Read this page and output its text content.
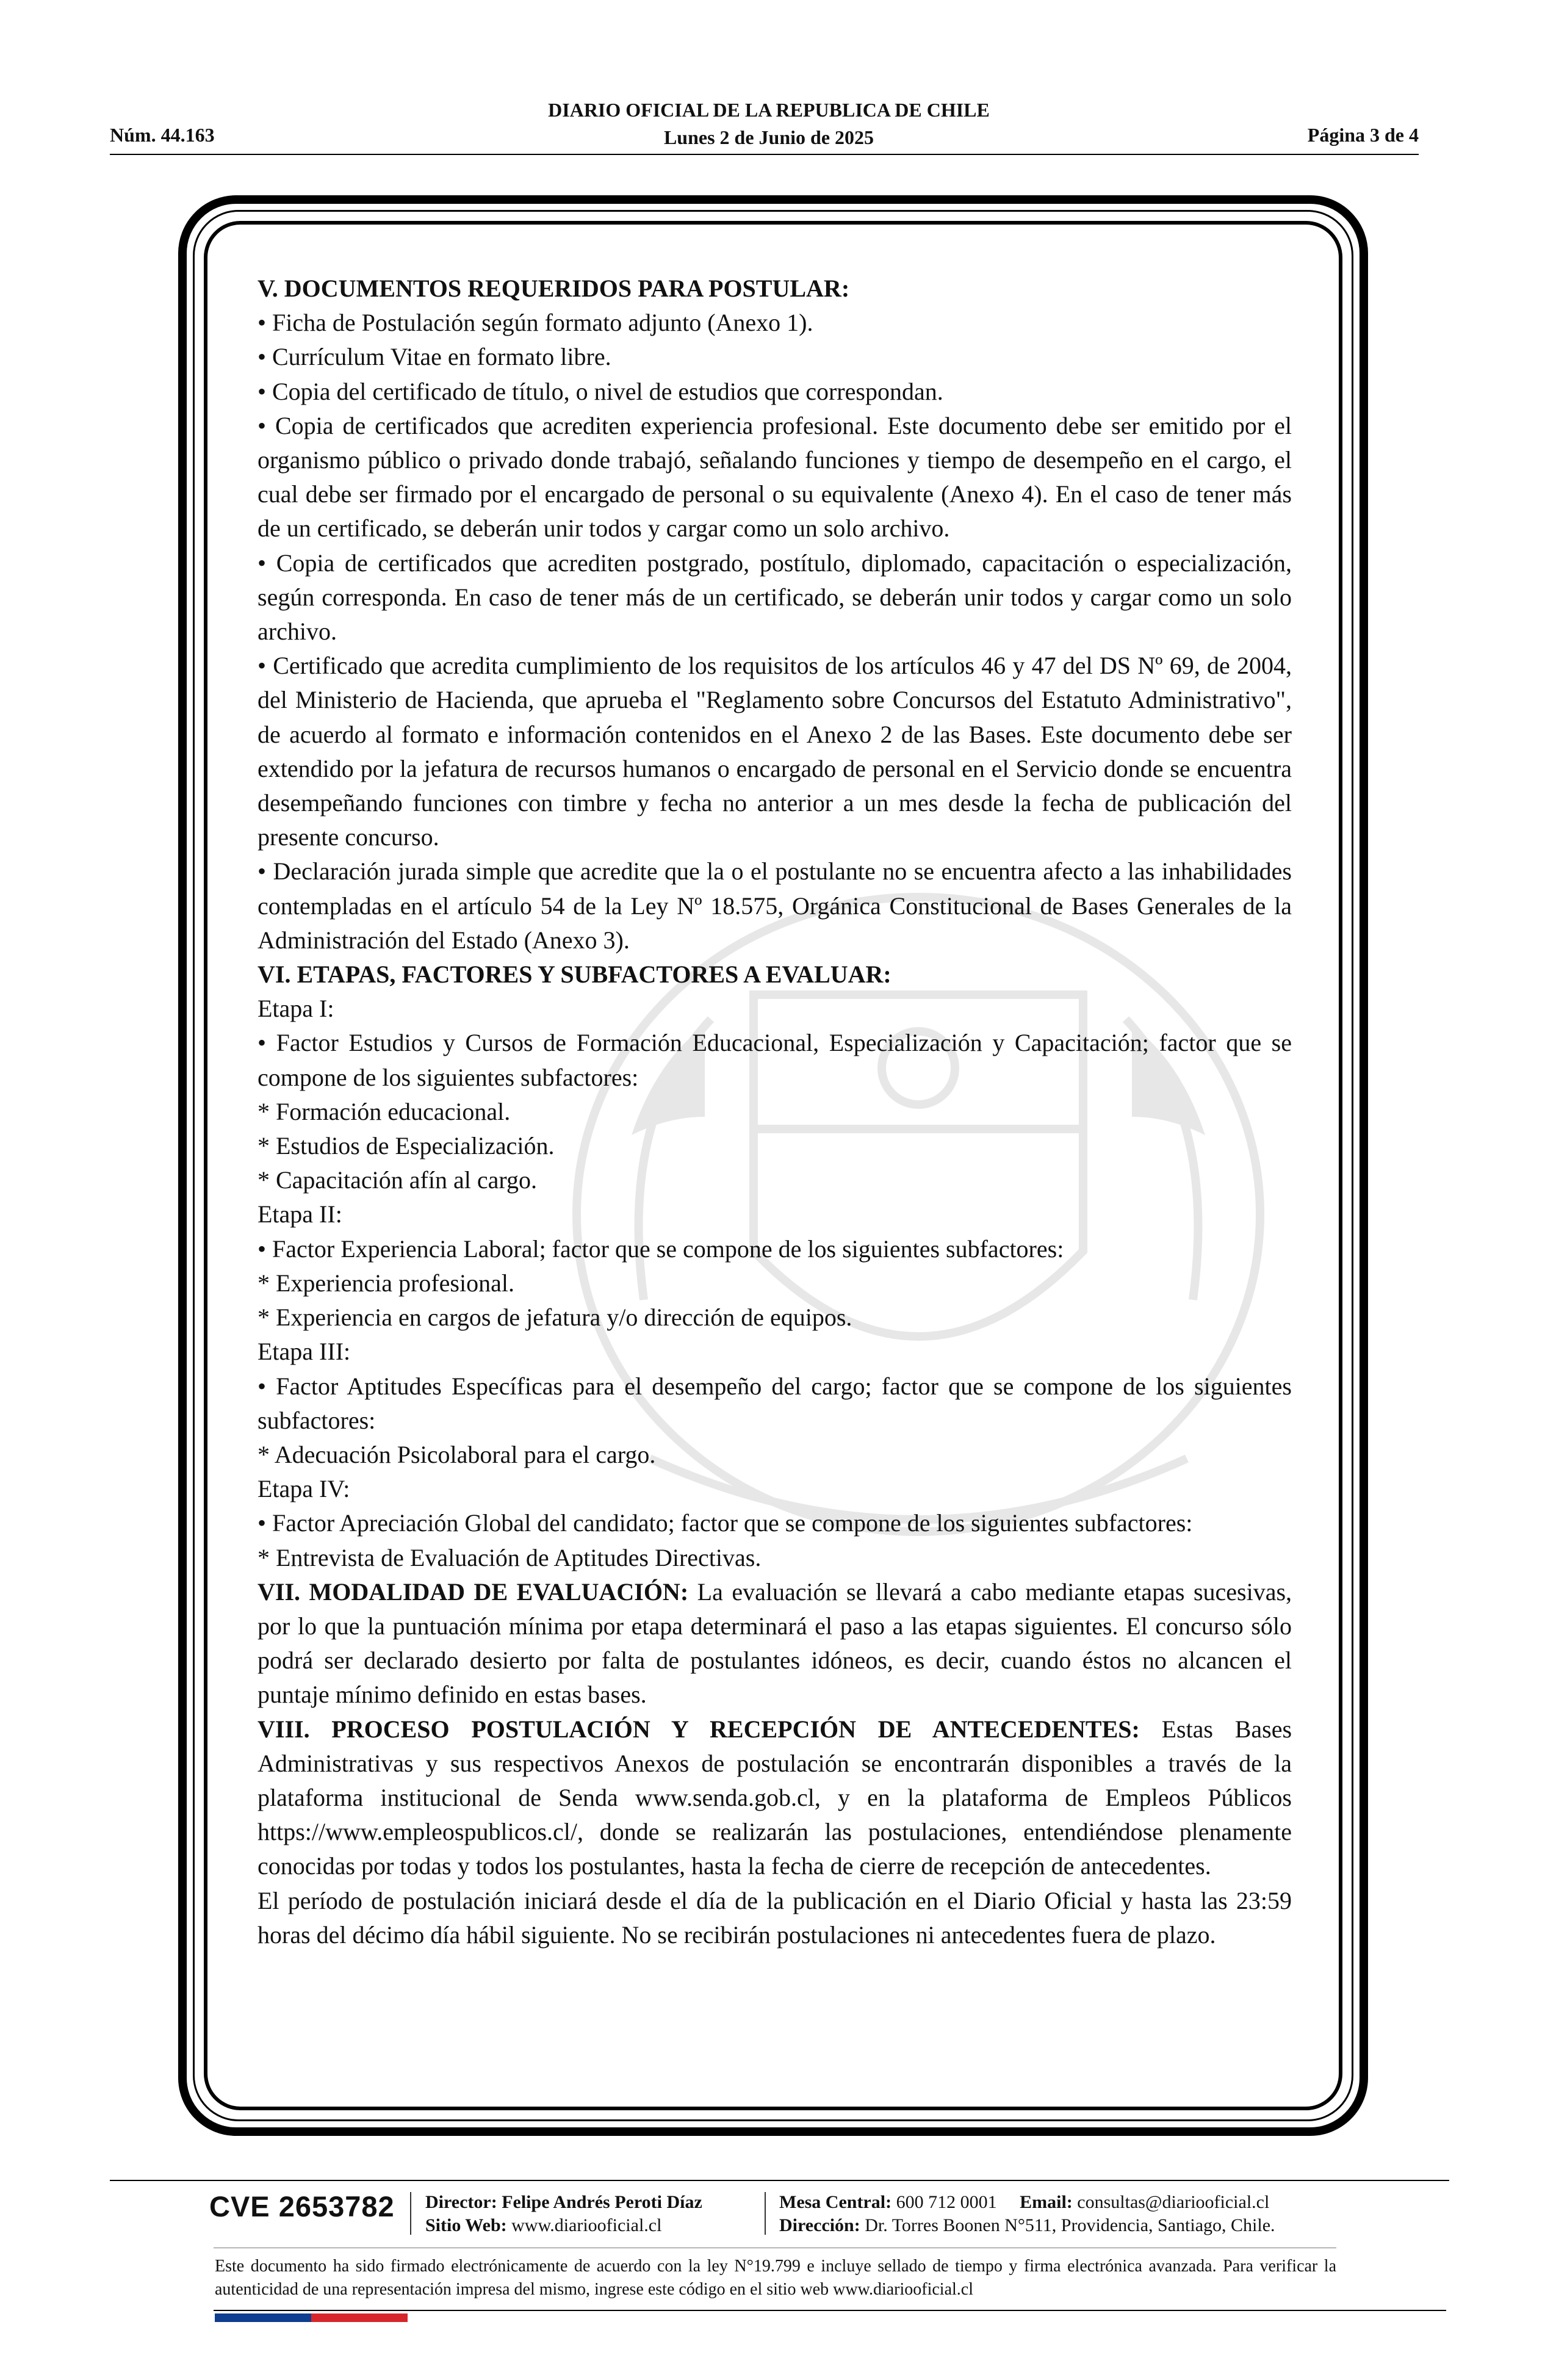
Núm. 44.163
DIARIO OFICIAL DE LA REPUBLICA DE CHILE
Lunes 2 de Junio de 2025	Página 3 de 4

V. DOCUMENTOS REQUERIDOS PARA POSTULAR:

• Ficha de Postulación según formato adjunto (Anexo 1).

• Currículum Vitae en formato libre.

• Copia del certificado de título, o nivel de estudios que correspondan.

• Copia de certificados que acrediten experiencia profesional. Este documento debe ser emitido por el organismo público o privado donde trabajó, señalando funciones y tiempo de desempeño en el cargo, el cual debe ser firmado por el encargado de personal o su equivalente (Anexo 4). En el caso de tener más de un certificado, se deberán unir todos y cargar como un solo archivo.

• Copia de certificados que acrediten postgrado, postítulo, diplomado, capacitación o especialización, según corresponda. En caso de tener más de un certificado, se deberán unir todos y cargar como un solo archivo.

• Certificado que acredita cumplimiento de los requisitos de los artículos 46 y 47 del DS Nº 69, de 2004, del Ministerio de Hacienda, que aprueba el "Reglamento sobre Concursos del Estatuto Administrativo", de acuerdo al formato e información contenidos en el Anexo 2 de las Bases. Este documento debe ser extendido por la jefatura de recursos humanos o encargado de personal en el Servicio donde se encuentra desempeñando funciones con timbre y fecha no anterior a un mes desde la fecha de publicación del presente concurso.

• Declaración jurada simple que acredite que la o el postulante no se encuentra afecto a las inhabilidades contempladas en el artículo 54 de la Ley Nº 18.575, Orgánica Constitucional de Bases Generales de la Administración del Estado (Anexo 3).

VI. ETAPAS, FACTORES Y SUBFACTORES A EVALUAR:

Etapa I:

• Factor Estudios y Cursos de Formación Educacional, Especialización y Capacitación; factor que se compone de los siguientes subfactores:

* Formación educacional.

* Estudios de Especialización.

* Capacitación afín al cargo.

Etapa II:

• Factor Experiencia Laboral; factor que se compone de los siguientes subfactores:

* Experiencia profesional.

* Experiencia en cargos de jefatura y/o dirección de equipos.

Etapa III:

• Factor Aptitudes Específicas para el desempeño del cargo; factor que se compone de los siguientes subfactores:

* Adecuación Psicolaboral para el cargo.

Etapa IV:

• Factor Apreciación Global del candidato; factor que se compone de los siguientes subfactores:

* Entrevista de Evaluación de Aptitudes Directivas.

VII. MODALIDAD DE EVALUACIÓN: La evaluación se llevará a cabo mediante etapas sucesivas, por lo que la puntuación mínima por etapa determinará el paso a las etapas siguientes. El concurso sólo podrá ser declarado desierto por falta de postulantes idóneos, es decir, cuando éstos no alcancen el puntaje mínimo definido en estas bases.

VIII. PROCESO POSTULACIÓN Y RECEPCIÓN DE ANTECEDENTES: Estas Bases Administrativas y sus respectivos Anexos de postulación se encontrarán disponibles a través de la plataforma institucional de Senda www.senda.gob.cl, y en la plataforma de Empleos Públicos https://www.empleospublicos.cl/, donde se realizarán las postulaciones, entendiéndose plenamente conocidas por todas y todos los postulantes, hasta la fecha de cierre de recepción de antecedentes.

El período de postulación iniciará desde el día de la publicación en el Diario Oficial y hasta las 23:59 horas del décimo día hábil siguiente. No se recibirán postulaciones ni antecedentes fuera de plazo.

CVE 2653782 Director: Felipe Andrés Peroti Díaz
Sitio Web: www.diariooficial.cl
Mesa Central: 600 712 0001 Email: consultas@diariooficial.cl
Dirección: Dr. Torres Boonen N°511, Providencia, Santiago, Chile.
Este documento ha sido firmado electrónicamente de acuerdo con la ley N°19.799 e incluye sellado de tiempo y firma electrónica avanzada. Para verificar la autenticidad de una representación impresa del mismo, ingrese este código en el sitio web www.diariooficial.cl
